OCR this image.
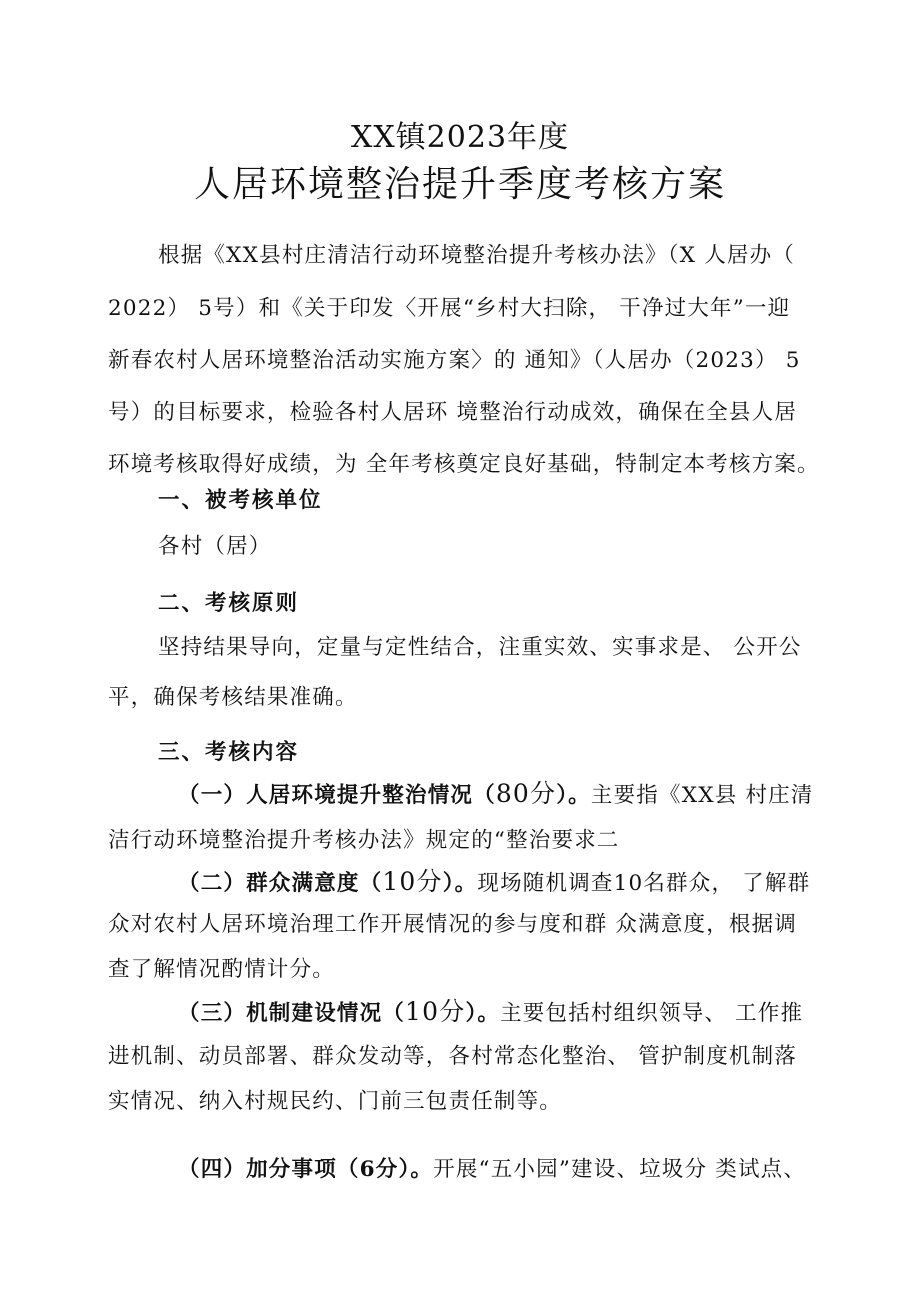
XX镇2023年度
人居环境整治提升季度考核方案
根据《XX县村庄清洁行动环境整治提升考核办法》（X 人居办（
2022） 5号）和《关于印发〈开展“乡村大扫除， 干净过大年”一迎
新春农村人居环境整治活动实施方案〉的 通知》（人居办（2023） 5
号）的目标要求，检验各村人居环 境整治行动成效，确保在全县人居
环境考核取得好成绩，为 全年考核奠定良好基础，特制定本考核方案。
一、被考核单位
各村（居）
二、考核原则
坚持结果导向，定量与定性结合，注重实效、实事求是、 公开公
平，确保考核结果准确。
三、考核内容
（一）人居环境提升整治情况（80分）。主要指《XX县 村庄清
洁行动环境整治提升考核办法》规定的“整治要求二
（二）群众满意度（10分）。现场随机调查10名群众， 了解群
众对农村人居环境治理工作开展情况的参与度和群 众满意度，根据调
查了解情况酌情计分。
（三）机制建设情况（10分）。主要包括村组织领导、 工作推
进机制、动员部署、群众发动等，各村常态化整治、 管护制度机制落
实情况、纳入村规民约、门前三包责任制等。
（四）加分事项（6分）。开展“五小园”建设、垃圾分 类试点、
